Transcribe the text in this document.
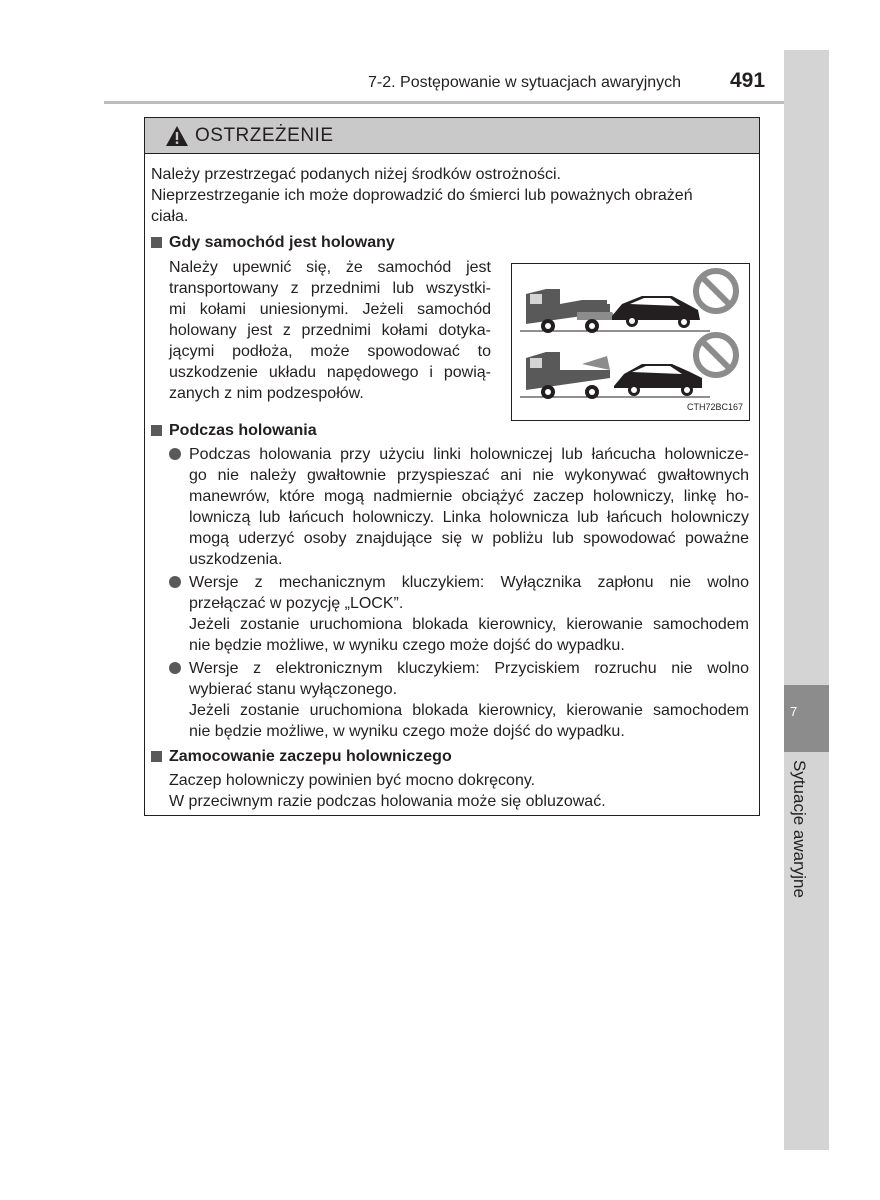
7-2. Postępowanie w sytuacjach awaryjnych 491
7
Sytuacje awaryjne
OSTRZEŻENIE
Należy przestrzegać podanych niżej środków ostrożności.
Nieprzestrzeganie ich może doprowadzić do śmierci lub poważnych obrażeń
ciała.
Gdy samochód jest holowany
Należy upewnić się, że samochód jest
transportowany z przednimi lub wszystki-
mi kołami uniesionymi. Jeżeli samochód
holowany jest z przednimi kołami dotyka-
jącymi podłoża, może spowodować to
uszkodzenie układu napędowego i powią-
zanych z nim podzespołów.
CTH72BC167
Podczas holowania
Podczas holowania przy użyciu linki holowniczej lub łańcucha holownicze-
go nie należy gwałtownie przyspieszać ani nie wykonywać gwałtownych
manewrów, które mogą nadmiernie obciążyć zaczep holowniczy, linkę ho-
lowniczą lub łańcuch holowniczy. Linka holownicza lub łańcuch holowniczy
mogą uderzyć osoby znajdujące się w pobliżu lub spowodować poważne
uszkodzenia.
Wersje z mechanicznym kluczykiem: Wyłącznika zapłonu nie wolno
przełączać w pozycję „LOCK”.
Jeżeli zostanie uruchomiona blokada kierownicy, kierowanie samochodem
nie będzie możliwe, w wyniku czego może dojść do wypadku.
Wersje z elektronicznym kluczykiem: Przyciskiem rozruchu nie wolno
wybierać stanu wyłączonego.
Jeżeli zostanie uruchomiona blokada kierownicy, kierowanie samochodem
nie będzie możliwe, w wyniku czego może dojść do wypadku.
Zamocowanie zaczepu holowniczego
Zaczep holowniczy powinien być mocno dokręcony.
W przeciwnym razie podczas holowania może się obluzować.
